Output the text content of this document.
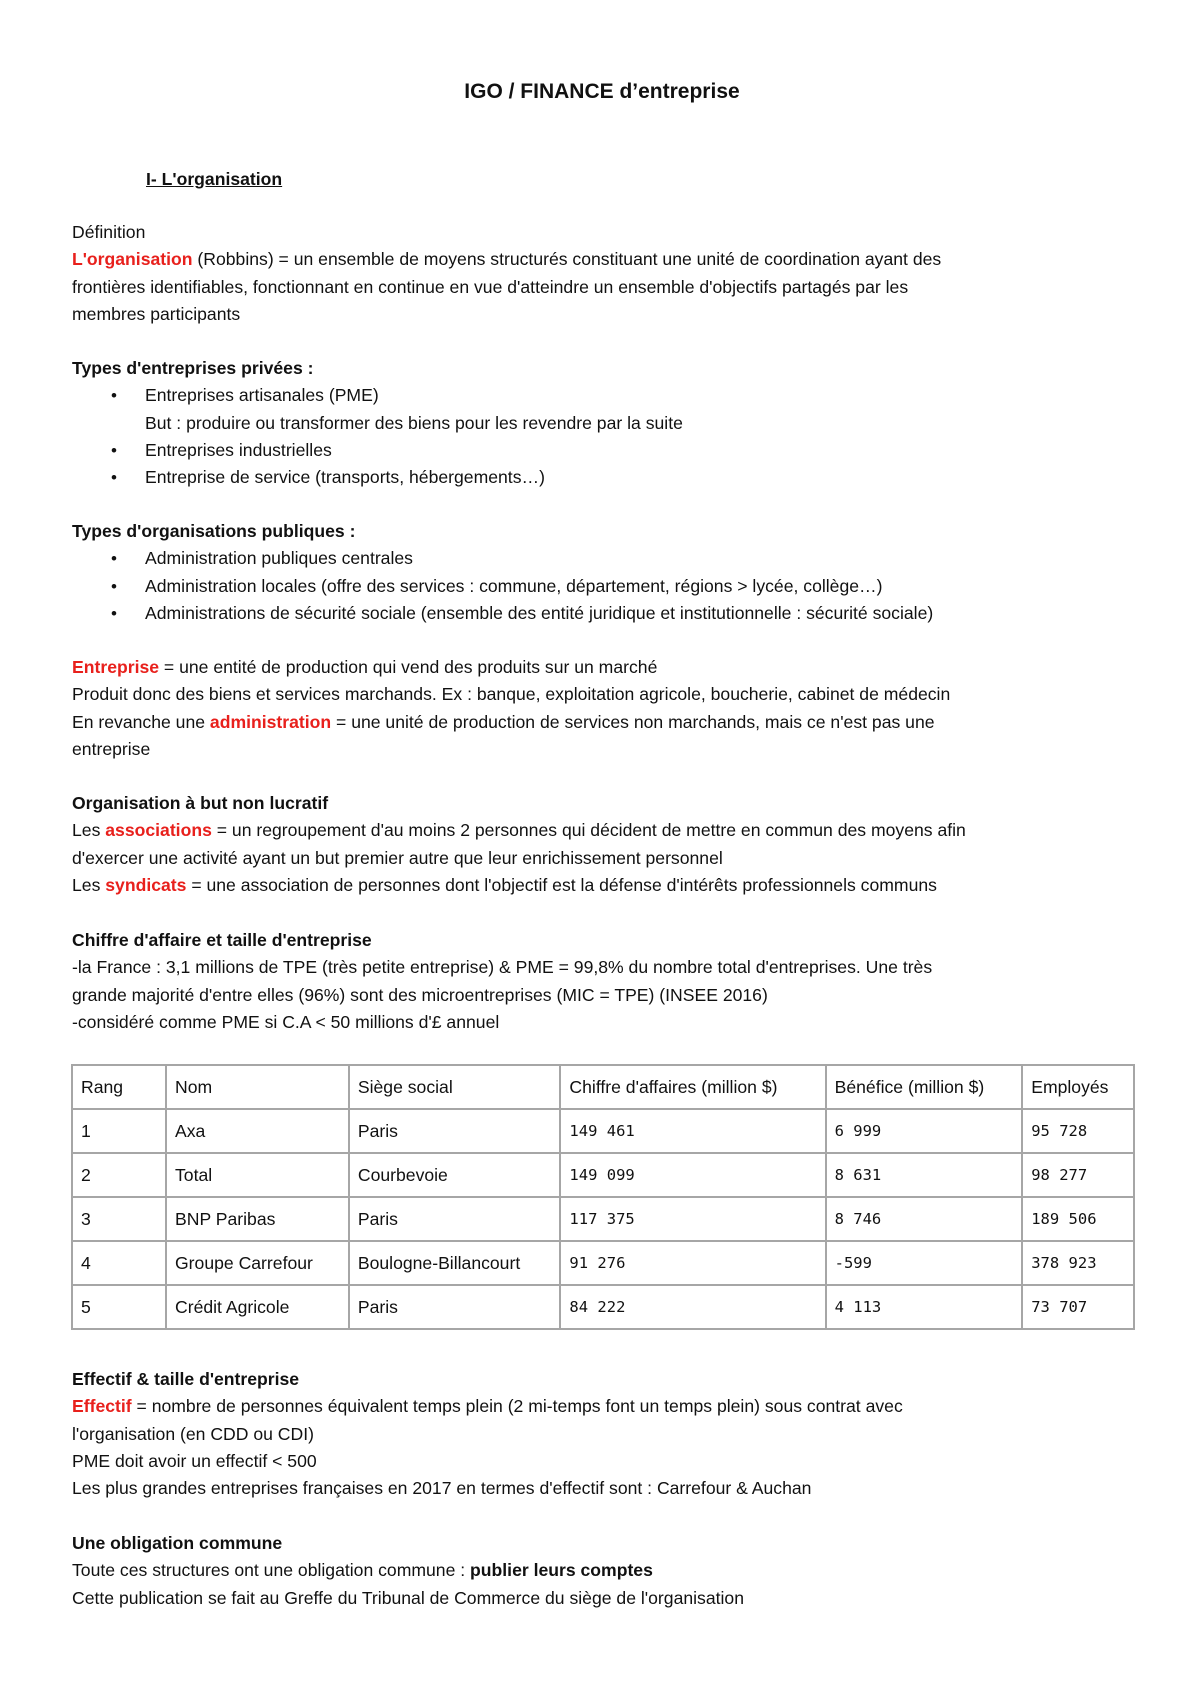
IGO / FINANCE d’entreprise
I- L'organisation
Définition
L'organisation (Robbins) = un ensemble de moyens structurés constituant une unité de coordination ayant des
frontières identifiables, fonctionnant en continue en vue d'atteindre un ensemble d'objectifs partagés par les
membres participants
Types d'entreprises privées :
• Entreprises artisanales (PME)
But : produire ou transformer des biens pour les revendre par la suite
• Entreprises industrielles
• Entreprise de service (transports, hébergements…)
Types d'organisations publiques :
• Administration publiques centrales
• Administration locales (offre des services : commune, département, régions > lycée, collège…)
• Administrations de sécurité sociale (ensemble des entité juridique et institutionnelle : sécurité sociale)
Entreprise = une entité de production qui vend des produits sur un marché
Produit donc des biens et services marchands. Ex : banque, exploitation agricole, boucherie, cabinet de médecin
En revanche une administration = une unité de production de services non marchands, mais ce n'est pas une
entreprise
Organisation à but non lucratif
Les associations = un regroupement d'au moins 2 personnes qui décident de mettre en commun des moyens afin
d'exercer une activité ayant un but premier autre que leur enrichissement personnel
Les syndicats = une association de personnes dont l'objectif est la défense d'intérêts professionnels communs
Chiffre d'affaire et taille d'entreprise
-la France : 3,1 millions de TPE (très petite entreprise) & PME = 99,8% du nombre total d'entreprises. Une très
grande majorité d'entre elles (96%) sont des microentreprises (MIC = TPE) (INSEE 2016)
-considéré comme PME si C.A < 50 millions d'£ annuel
Effectif & taille d'entreprise
Effectif = nombre de personnes équivalent temps plein (2 mi-temps font un temps plein) sous contrat avec
l'organisation (en CDD ou CDI)
PME doit avoir un effectif < 500
Les plus grandes entreprises françaises en 2017 en termes d'effectif sont : Carrefour & Auchan
Une obligation commune
Toute ces structures ont une obligation commune : publier leurs comptes
Cette publication se fait au Greffe du Tribunal de Commerce du siège de l'organisation
Rang	Nom	Siège social	Chiffre d'affaires (million $)	Bénéfice (million $)	Employés
1	Axa	Paris	149 461	6 999	95 728
2	Total	Courbevoie	149 099	8 631	98 277
3	BNP Paribas	Paris	117 375	8 746	189 506
4	Groupe Carrefour	Boulogne-Billancourt	91 276	-599	378 923
5	Crédit Agricole	Paris	84 222	4 113	73 707
